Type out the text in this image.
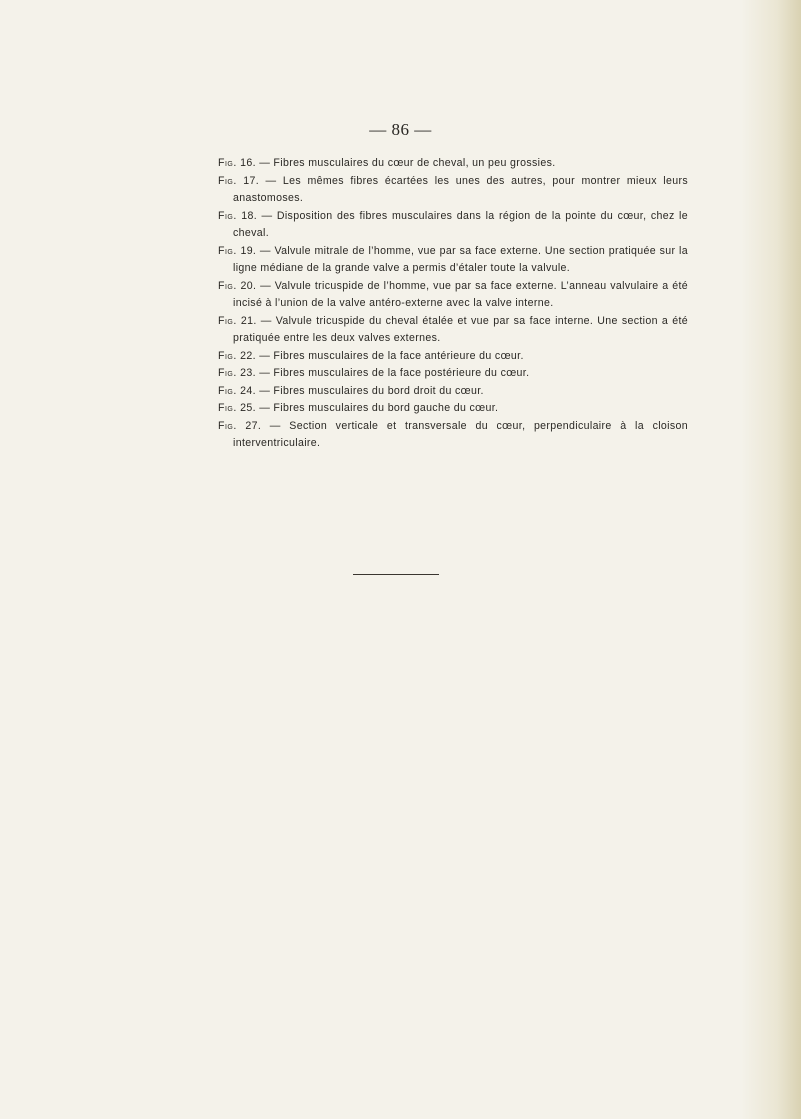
— 86 —
Fig. 16. — Fibres musculaires du cœur de cheval, un peu grossies.
Fig. 17. — Les mêmes fibres écartées les unes des autres, pour montrer mieux leurs anastomoses.
Fig. 18. — Disposition des fibres musculaires dans la région de la pointe du cœur, chez le cheval.
Fig. 19. — Valvule mitrale de l’homme, vue par sa face externe. Une section pratiquée sur la ligne médiane de la grande valve a permis d’étaler toute la valvule.
Fig. 20. — Valvule tricuspide de l’homme, vue par sa face externe. L’anneau valvulaire a été incisé à l’union de la valve antéro-externe avec la valve interne.
Fig. 21. — Valvule tricuspide du cheval étalée et vue par sa face interne. Une section a été pratiquée entre les deux valves externes.
Fig. 22. — Fibres musculaires de la face antérieure du cœur.
Fig. 23. — Fibres musculaires de la face postérieure du cœur.
Fig. 24. — Fibres musculaires du bord droit du cœur.
Fig. 25. — Fibres musculaires du bord gauche du cœur.
Fig. 27. — Section verticale et transversale du cœur, perpendiculaire à la cloison interventriculaire.
